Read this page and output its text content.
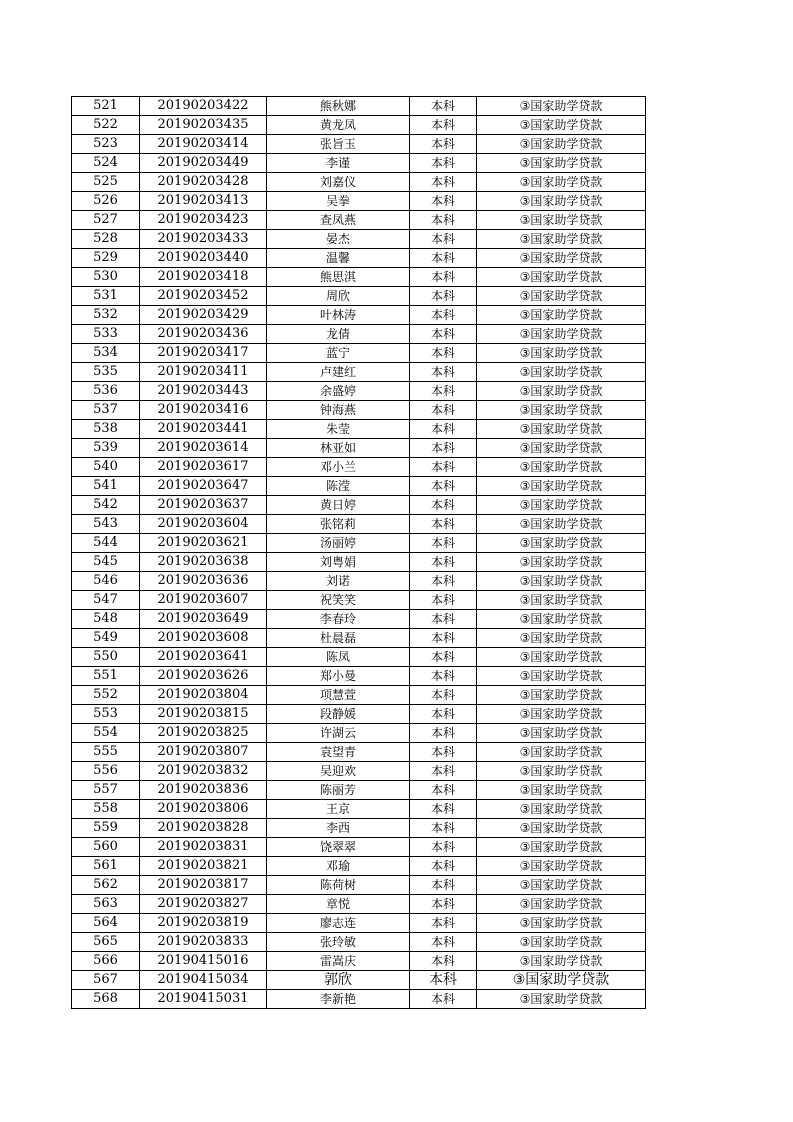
521	20190203422	熊秋娜	本科	③国家助学贷款
522	20190203435	黄龙凤	本科	③国家助学贷款
523	20190203414	张旨玉	本科	③国家助学贷款
524	20190203449	李谨	本科	③国家助学贷款
525	20190203428	刘嘉仪	本科	③国家助学贷款
526	20190203413	吴拳	本科	③国家助学贷款
527	20190203423	查凤燕	本科	③国家助学贷款
528	20190203433	晏杰	本科	③国家助学贷款
529	20190203440	温馨	本科	③国家助学贷款
530	20190203418	熊思淇	本科	③国家助学贷款
531	20190203452	周欣	本科	③国家助学贷款
532	20190203429	叶林涛	本科	③国家助学贷款
533	20190203436	龙倩	本科	③国家助学贷款
534	20190203417	蓝宁	本科	③国家助学贷款
535	20190203411	卢建红	本科	③国家助学贷款
536	20190203443	余盛婷	本科	③国家助学贷款
537	20190203416	钟海燕	本科	③国家助学贷款
538	20190203441	朱莹	本科	③国家助学贷款
539	20190203614	林亚如	本科	③国家助学贷款
540	20190203617	邓小兰	本科	③国家助学贷款
541	20190203647	陈滢	本科	③国家助学贷款
542	20190203637	黄日婷	本科	③国家助学贷款
543	20190203604	张铭莉	本科	③国家助学贷款
544	20190203621	汤丽婷	本科	③国家助学贷款
545	20190203638	刘粤娟	本科	③国家助学贷款
546	20190203636	刘诺	本科	③国家助学贷款
547	20190203607	祝笑笑	本科	③国家助学贷款
548	20190203649	李春玲	本科	③国家助学贷款
549	20190203608	杜晨磊	本科	③国家助学贷款
550	20190203641	陈凤	本科	③国家助学贷款
551	20190203626	郑小曼	本科	③国家助学贷款
552	20190203804	项慧萱	本科	③国家助学贷款
553	20190203815	段静媛	本科	③国家助学贷款
554	20190203825	许湖云	本科	③国家助学贷款
555	20190203807	袁望青	本科	③国家助学贷款
556	20190203832	吴迎欢	本科	③国家助学贷款
557	20190203836	陈丽芳	本科	③国家助学贷款
558	20190203806	王京	本科	③国家助学贷款
559	20190203828	李西	本科	③国家助学贷款
560	20190203831	饶翠翠	本科	③国家助学贷款
561	20190203821	邓瑜	本科	③国家助学贷款
562	20190203817	陈荷树	本科	③国家助学贷款
563	20190203827	章悦	本科	③国家助学贷款
564	20190203819	廖志连	本科	③国家助学贷款
565	20190203833	张玲敏	本科	③国家助学贷款
566	20190415016	雷嵩庆	本科	③国家助学贷款
567	20190415034	郭欣	本科	③国家助学贷款
568	20190415031	李新艳	本科	③国家助学贷款
